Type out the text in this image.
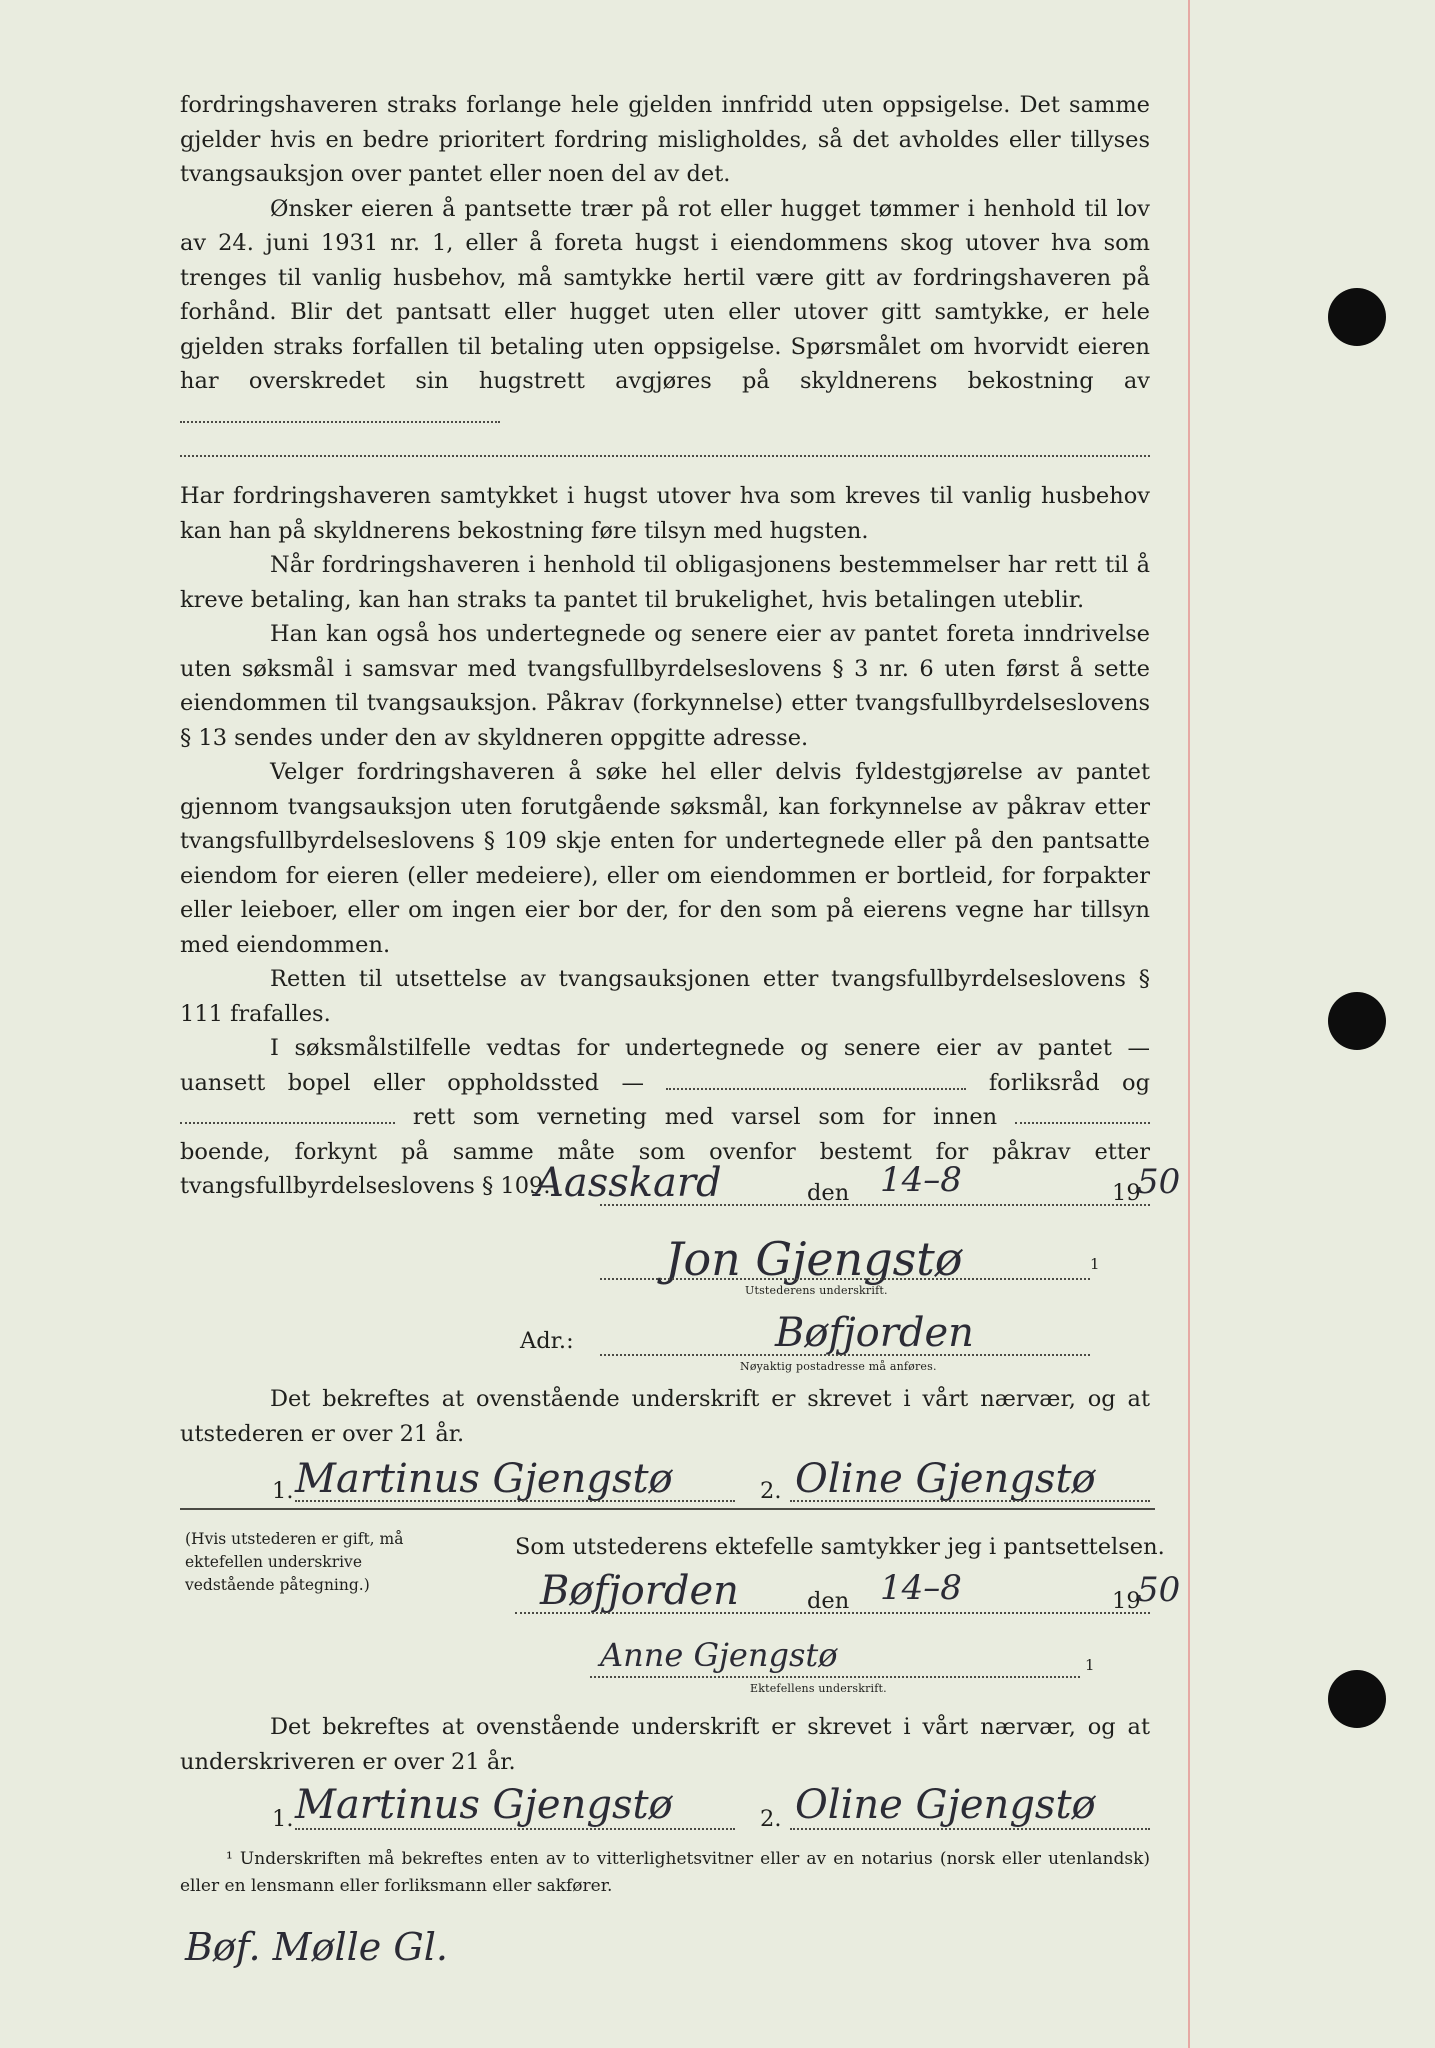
fordringshaveren straks forlange hele gjelden innfridd uten oppsigelse. Det samme gjelder hvis en bedre prioritert fordring misligholdes, så det avholdes eller tillyses tvangsauksjon over pantet eller noen del av det.

Ønsker eieren å pantsette trær på rot eller hugget tømmer i henhold til lov av 24. juni 1931 nr. 1, eller å foreta hugst i eiendommens skog utover hva som trenges til vanlig husbehov, må samtykke hertil være gitt av fordringshaveren på forhånd. Blir det pantsatt eller hugget uten eller utover gitt samtykke, er hele gjelden straks forfallen til betaling uten oppsigelse. Spørsmålet om hvorvidt eieren har overskredet sin hugstrett avgjøres på skyldnerens bekostning av

Har fordringshaveren samtykket i hugst utover hva som kreves til vanlig husbehov kan han på skyldnerens bekostning føre tilsyn med hugsten.

Når fordringshaveren i henhold til obligasjonens bestemmelser har rett til å kreve betaling, kan han straks ta pantet til brukelighet, hvis betalingen uteblir.

Han kan også hos undertegnede og senere eier av pantet foreta inndrivelse uten søksmål i samsvar med tvangsfullbyrdelseslovens § 3 nr. 6 uten først å sette eiendommen til tvangsauksjon. Påkrav (forkynnelse) etter tvangsfullbyrdelseslovens § 13 sendes under den av skyldneren oppgitte adresse.

Velger fordringshaveren å søke hel eller delvis fyldestgjørelse av pantet gjennom tvangsauksjon uten forutgående søksmål, kan forkynnelse av påkrav etter tvangsfullbyrdelseslovens § 109 skje enten for undertegnede eller på den pantsatte eiendom for eieren (eller medeiere), eller om eiendommen er bortleid, for forpakter eller leieboer, eller om ingen eier bor der, for den som på eierens vegne har tillsyn med eiendommen.

Retten til utsettelse av tvangsauksjonen etter tvangsfullbyrdelseslovens § 111 frafalles.

I søksmålstilfelle vedtas for undertegnede og senere eier av pantet — uansett bopel eller oppholdssted —	forliksråd og  rett som verneting med varsel som for innen  boende, forkynt på samme måte som ovenfor bestemt for påkrav etter tvangsfullbyrdelseslovens § 109.

Aasskard	den 14–8	19
50
Jon Gjengstø	1
Utstederens underskrift.
Adr.:	Bøfjorden
Nøyaktig postadresse må anføres.

Det bekreftes at ovenstående underskrift er skrevet i vårt nærvær, og at utstederen er over 21 år.

1. Martinus Gjengstø	2. Oline Gjengstø
(Hvis utstederen er gift, må ektefellen underskrive vedstående påtegning.)
Som utstederens ektefelle samtykker jeg i pantsettelsen.
Bøfjorden	den 14–8	19
50
Anne Gjengstø	1
Ektefellens underskrift.

Det bekreftes at ovenstående underskrift er skrevet i vårt nærvær, og at underskriveren er over 21 år.

1. Martinus Gjengstø	2. Oline Gjengstø
¹ Underskriften må bekreftes enten av to vitterlighetsvitner eller av en notarius (norsk eller utenlandsk) eller en lensmann eller forliksmann eller sakfører.
Bøf. Mølle Gl.
